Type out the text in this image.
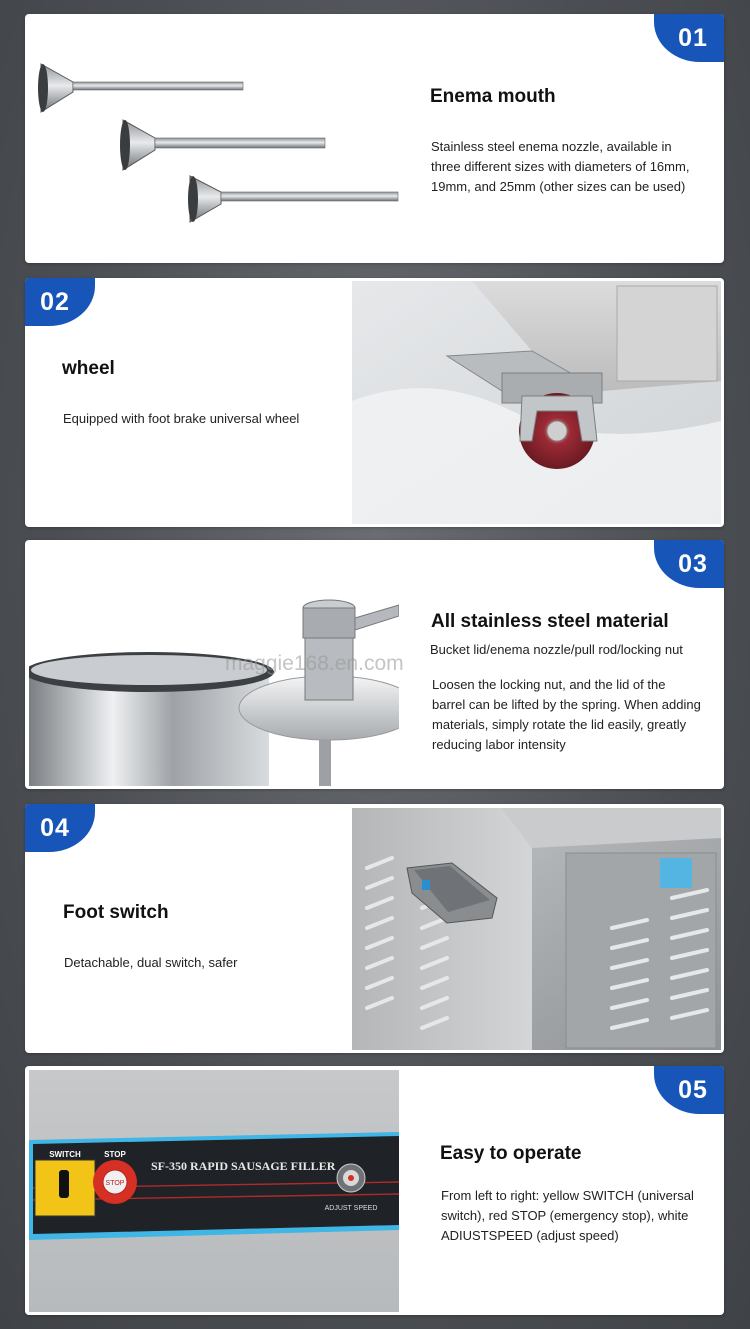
01
Enema mouth
Stainless steel enema nozzle, available in three different sizes with diameters of 16mm, 19mm, and 25mm (other sizes can be used)
02
wheel
Equipped with foot brake universal wheel
03
All stainless steel material
Bucket lid/enema nozzle/pull rod/locking nut
Loosen the locking nut, and the lid of the barrel can be lifted by the spring. When adding materials, simply rotate the lid easily, greatly reducing labor intensity
04
Foot switch
Detachable, dual switch, safer
STOP
SWITCH	STOP
SF-350 RAPID SAUSAGE FILLER
ADJUST SPEED
05
Easy to operate
From left to right: yellow SWITCH (universal switch), red STOP (emergency stop), white ADIUSTSPEED (adjust speed)
maggie168.en.com
